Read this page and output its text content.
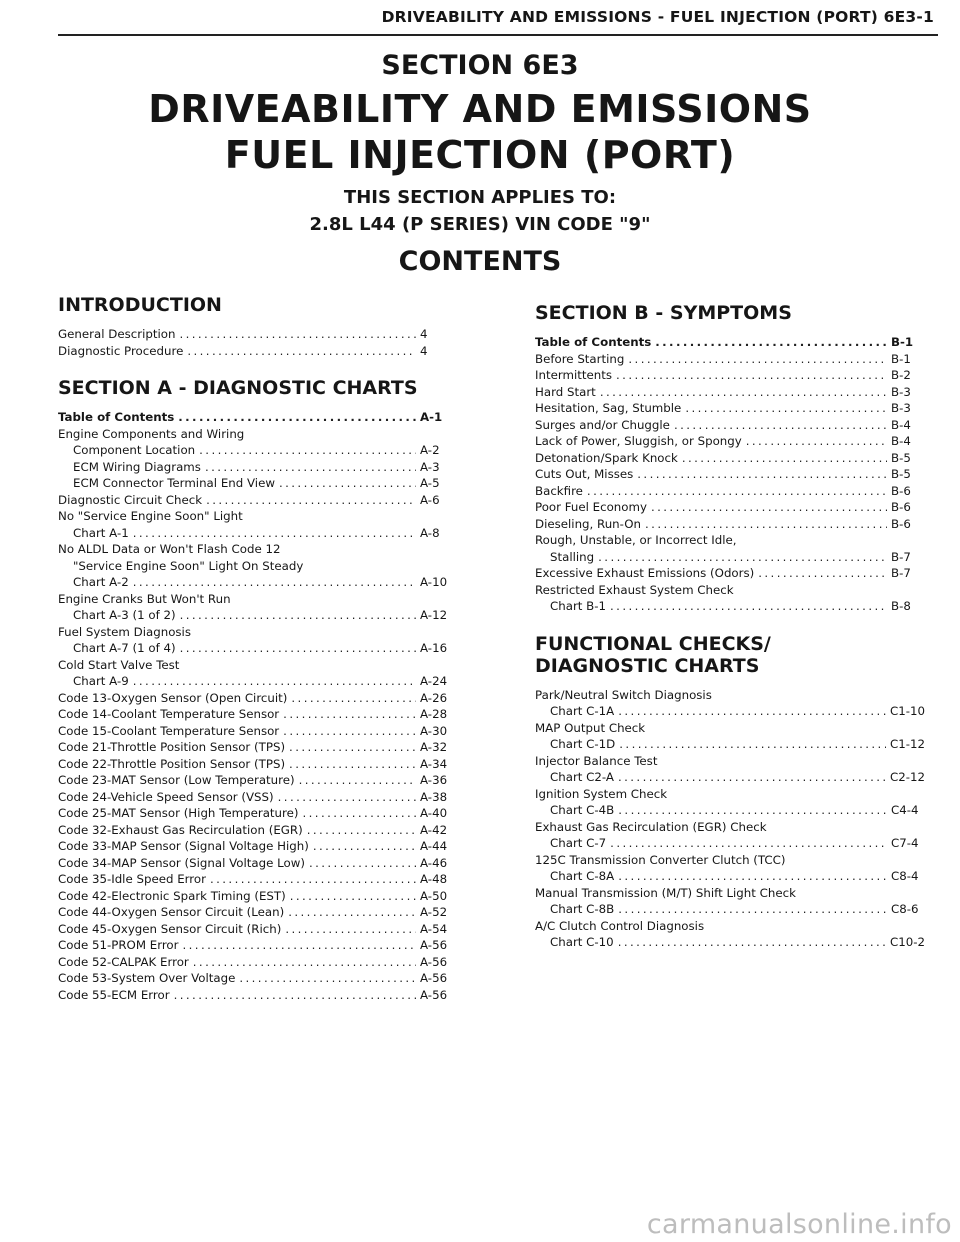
DRIVEABILITY AND EMISSIONS - FUEL INJECTION (PORT) 6E3-1
SECTION 6E3
DRIVEABILITY AND EMISSIONS
FUEL INJECTION (PORT)
THIS SECTION APPLIES TO:
2.8L L44 (P SERIES) VIN CODE "9"
CONTENTS
INTRODUCTION
General Description .....	4
Diagnostic Procedure .....	4
SECTION A - DIAGNOSTIC CHARTS
Table of Contents .....	A-1
Engine Components and Wiring
Component Location .....	A-2
ECM Wiring Diagrams .....	A-3
ECM Connector Terminal End View .....	A-5
Diagnostic Circuit Check .....	A-6
No "Service Engine Soon" Light
Chart A-1 .....	A-8
No ALDL Data or Won't Flash Code 12
"Service Engine Soon" Light On Steady
Chart A-2 .....	A-10
Engine Cranks But Won't Run
Chart A-3 (1 of 2) .....	A-12
Fuel System Diagnosis
Chart A-7 (1 of 4) .....	A-16
Cold Start Valve Test
Chart A-9 .....	A-24
Code 13-Oxygen Sensor (Open Circuit) .....	A-26
Code 14-Coolant Temperature Sensor .....	A-28
Code 15-Coolant Temperature Sensor .....	A-30
Code 21-Throttle Position Sensor (TPS) .....	A-32
Code 22-Throttle Position Sensor (TPS) .....	A-34
Code 23-MAT Sensor (Low Temperature) .....	A-36
Code 24-Vehicle Speed Sensor (VSS) .....	A-38
Code 25-MAT Sensor (High Temperature) .....	A-40
Code 32-Exhaust Gas Recirculation (EGR) .....	A-42
Code 33-MAP Sensor (Signal Voltage High) .....	A-44
Code 34-MAP Sensor (Signal Voltage Low) .....	A-46
Code 35-Idle Speed Error .....	A-48
Code 42-Electronic Spark Timing (EST) .....	A-50
Code 44-Oxygen Sensor Circuit (Lean) .....	A-52
Code 45-Oxygen Sensor Circuit (Rich) .....	A-54
Code 51-PROM Error .....	A-56
Code 52-CALPAK Error .....	A-56
Code 53-System Over Voltage .....	A-56
Code 55-ECM Error .....	A-56
SECTION B - SYMPTOMS
Table of Contents .....	B-1
Before Starting .....	B-1
Intermittents .....	B-2
Hard Start .....	B-3
Hesitation, Sag, Stumble .....	B-3
Surges and/or Chuggle .....	B-4
Lack of Power, Sluggish, or Spongy .....	B-4
Detonation/Spark Knock .....	B-5
Cuts Out, Misses .....	B-5
Backfire .....	B-6
Poor Fuel Economy .....	B-6
Dieseling, Run-On .....	B-6
Rough, Unstable, or Incorrect Idle,
Stalling .....	B-7
Excessive Exhaust Emissions (Odors) .....	B-7
Restricted Exhaust System Check
Chart B-1 .....	B-8
FUNCTIONAL CHECKS/
DIAGNOSTIC CHARTS
Park/Neutral Switch Diagnosis
Chart C-1A .....	C1-10
MAP Output Check
Chart C-1D .....	C1-12
Injector Balance Test
Chart C2-A .....	C2-12
Ignition System Check
Chart C-4B .....	C4-4
Exhaust Gas Recirculation (EGR) Check
Chart C-7 .....	C7-4
125C Transmission Converter Clutch (TCC)
Chart C-8A .....	C8-4
Manual Transmission (M/T) Shift Light Check
Chart C-8B .....	C8-6
A/C Clutch Control Diagnosis
Chart C-10 .....	C10-2
carmanualsonline.info
